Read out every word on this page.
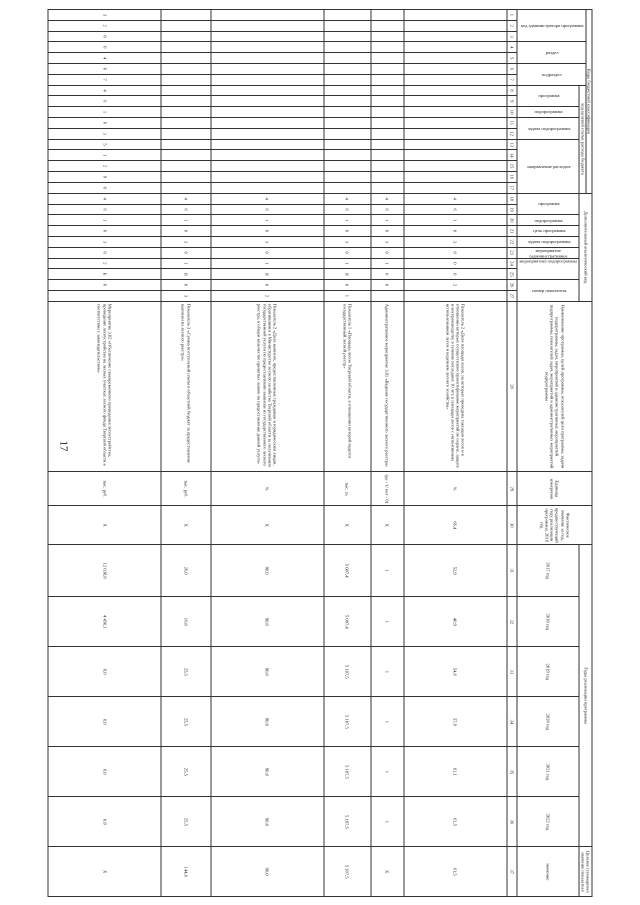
17
Коды бюджетной классификации																	Дополнительный аналитический код										Наименование программы, целей программы, показателей цели программы, задачи подпрограммы, задач, мероприятий и административных мероприятий подпрограммы, показателей задач, мероприятий и административных мероприятий подпрограммы	Единица измерения	Фактическое значение за год, предшествующий году реализации программы, 2016 год	Годы реализации программы						Целевое (суммарное) значение показателя
код администратора программы			раздел		подраздел		код целевой статьи расхода бюджета																													
							программа		подпрограмма	задача подпрограммы		направление расходов					программа		подпрограмма	цель программы	задача подпрограммы	мероприятие (административное мероприятие) подпрограммы			номер показателя					2017 год	2018 год	2019 год	2020 год	2021 год	2022 год	значение
1	2	3	4	5	6	7	8	9	10	11	12	13	14	15	16	17	18	19	20	21	22	23	24	25	26	27	28	29	30	31	32	33	34	35	36	37
																	4	6	1	0	3	0	0	0	2		Показатель 2 «Доля площади лесов, на которых проведена таксация лесов и в отношении которых осуществлено проектирование мероприятий по охране, защите и воспроизводству в течение последних 10 лет, в площади лесов с интенсивным использованием лесов и ведением лесного хозяйства»	%	66,4	52,9	40,9	54,6	57,9	61,1	61,5	61,5
																	4	6	1	0	3	0	1	0	0		Административное мероприятие 3.01 «Ведение государственного лесного реестра»	(да - 1/ нет - 0)	Х	1	1	1	1	1	1	Х
																	4	6	1	0	3	0	1	Я	0	1	Показатель 1 «Площадь лесов Тверской области, в отношении которой ведется государственный лесной реестр»	тыс. га	Х	5 087,4	5 087,4	5 107,5	5 107,5	5 107,5	5 107,5	5 107,5
																	4	6	1	0	3	0	1	Я	0	2	Показатель 2 «Доля выписок, предоставленных гражданам и юридическим лицам, обратившимся в Министерство лесного хозяйства Тверской области за получением государственной услуги по предоставлению выписки из государственного лесного реестра, в общем количестве принятых заявок на предоставление данной услуги»	%	Х	90,0	90,0	90,0	90,0	90,0	90,0	90,0
																	4	6	1	0	3	0	1	Я	0	3	Показатель 3 «Сумма поступлений платы в областной бюджет за предоставление выписки из лесного реестра»	тыс. руб.	Х	26,0	16,0	25,5	25,5	25,5	25,5	144,0
3	2	8	0	4	0	7	4	6	1	0	3	5	1	2	9	0	4	6	1	0	3	0	2	Б	0		Мероприятие 3.02 «Обеспечение своевременного проведения лесоустройства, проведение лесоустройства на лесных участках лесного фонда Тверской области в соответствии с законодательством»	тыс. руб.	Х	12 038,8	4 450,1	0,0	0,0	0,0	0,0	Х
